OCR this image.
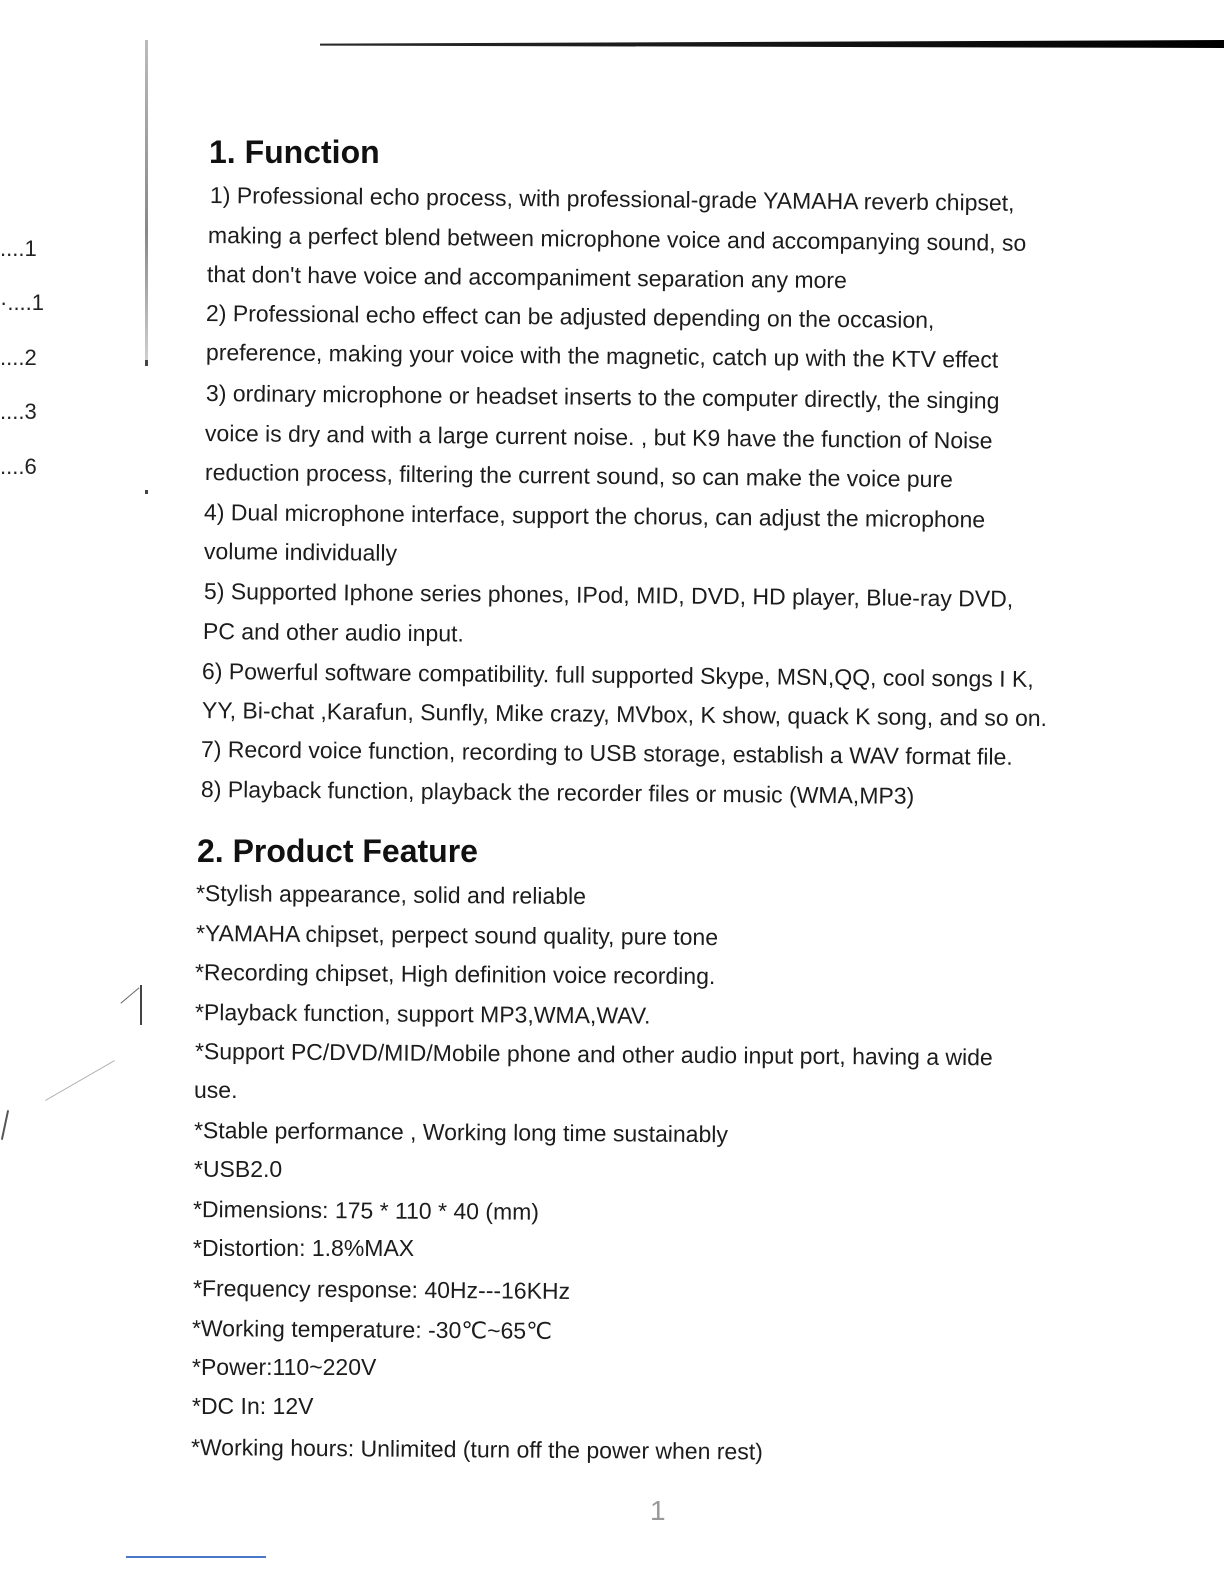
....1
·....1
....2
....3
....6
1. Function
1) Professional echo process, with professional-grade YAMAHA reverb chipset,
making a perfect blend between microphone voice and accompanying sound, so
that don't have voice and accompaniment separation any more
2) Professional echo effect can be adjusted depending on the occasion,
preference, making your voice with the magnetic, catch up with the KTV effect
3) ordinary microphone or headset inserts to the computer directly, the singing
voice is dry and with a large current noise. , but K9 have the function of Noise
reduction process, filtering the current sound, so can make the voice pure
4) Dual microphone interface, support the chorus, can adjust the microphone
volume individually
5) Supported Iphone series phones, IPod, MID, DVD, HD player, Blue-ray DVD,
PC and other audio input.
6) Powerful software compatibility. full supported Skype, MSN,QQ, cool songs I K,
YY, Bi-chat ,Karafun, Sunfly, Mike crazy, MVbox, K show, quack K song, and so on.
7) Record voice function, recording to USB storage, establish a WAV format file.
8) Playback function, playback the recorder files or music (WMA,MP3)
2. Product Feature
*Stylish appearance, solid and reliable
*YAMAHA chipset, perpect sound quality, pure tone
*Recording chipset, High definition voice recording.
*Playback function, support MP3,WMA,WAV.
*Support PC/DVD/MID/Mobile phone and other audio input port, having a wide
use.
*Stable performance , Working long time sustainably
*USB2.0
*Dimensions: 175 * 110 * 40 (mm)
*Distortion: 1.8%MAX
*Frequency response: 40Hz---16KHz
*Working temperature: -30℃~65℃
*Power:110~220V
*DC In: 12V
*Working hours: Unlimited (turn off the power when rest)
1
